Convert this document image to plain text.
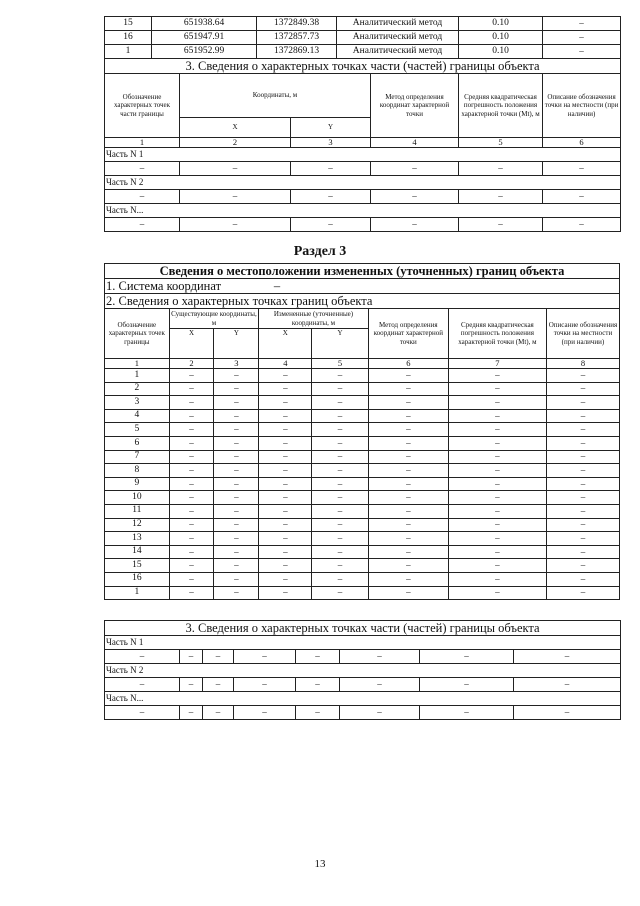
15	651938.64	1372849.38	Аналитический метод	0.10	–
16	651947.91	1372857.73	Аналитический метод	0.10	–
1	651952.99	1372869.13	Аналитический метод	0.10	–
3. Сведения о характерных точках части (частей) границы объекта					
Обозначение характерных точек части границы	Координаты, м		Метод определения координат характерной точки	Средняя квадратическая погрешность положения характерной точки (Mt), м	Описание обозначения точки на местности (при наличии)
	X	Y			
1	2	3	4	5	6
Часть N 1					
–	–	–	–	–	–
Часть N 2					
–	–	–	–	–	–
Часть N...					
–	–	–	–	–	–
Раздел 3
Сведения о местоположении измененных (уточненных) границ объекта							
1. Система координат –							
2. Сведения о характерных точках границ объекта							
Обозначение характерных точек границы	Существующие координаты, м		Измененные (уточненные) координаты, м		Метод определения координат характерной точки	Средняя квадратическая погрешность положения характерной точки (Mt), м	Описание обозначения точки на местности (при наличии)
	X	Y	X	Y			
1	2	3	4	5	6	7	8
1	–	–	–	–	–	–	–
2	–	–	–	–	–	–	–
3	–	–	–	–	–	–	–
4	–	–	–	–	–	–	–
5	–	–	–	–	–	–	–
6	–	–	–	–	–	–	–
7	–	–	–	–	–	–	–
8	–	–	–	–	–	–	–
9	–	–	–	–	–	–	–
10	–	–	–	–	–	–	–
11	–	–	–	–	–	–	–
12	–	–	–	–	–	–	–
13	–	–	–	–	–	–	–
14	–	–	–	–	–	–	–
15	–	–	–	–	–	–	–
16	–	–	–	–	–	–	–
1	–	–	–	–	–	–	–
3. Сведения о характерных точках части (частей) границы объекта							
Часть N 1							
–	–	–	–	–	–	–	–
Часть N 2							
–	–	–	–	–	–	–	–
Часть N...							
–	–	–	–	–	–	–	–
13
